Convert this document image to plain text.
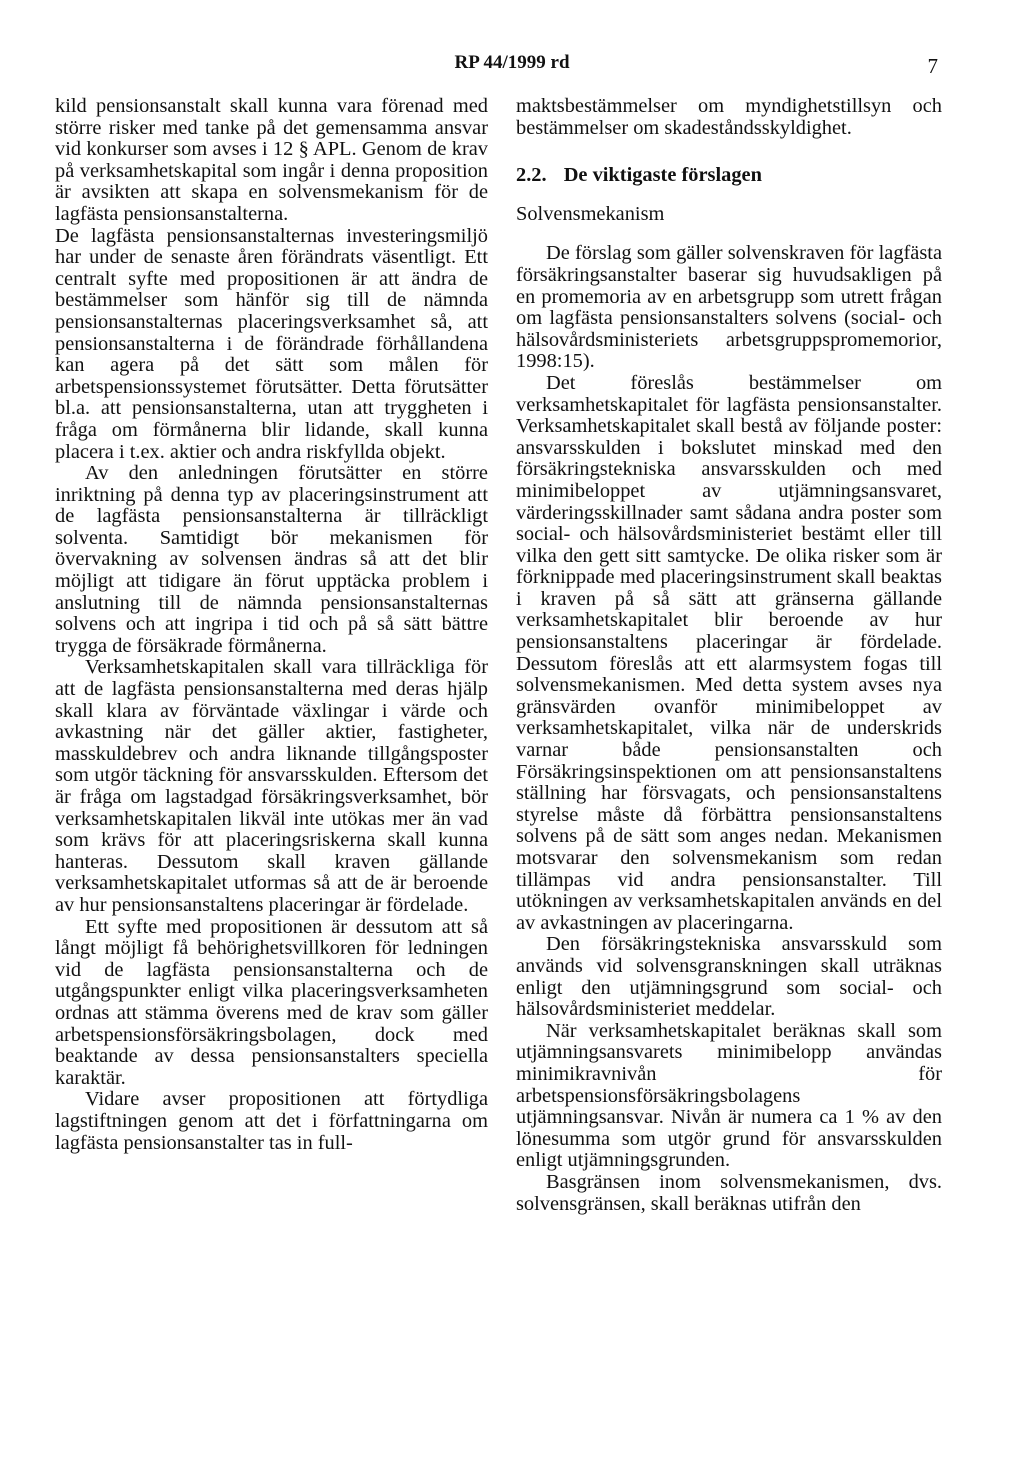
RP 44/1999 rd	7

kild pensionsanstalt skall kunna vara förenad med större risker med tanke på det gemensamma ansvar vid konkurser som avses i 12 § APL. Genom de krav på verksamhetskapital som ingår i denna proposition är avsikten att skapa en solvensmekanism för de lagfästa pensionsanstalterna.

De lagfästa pensionsanstalternas investeringsmiljö har under de senaste åren förändrats väsentligt. Ett centralt syfte med propositionen är att ändra de bestämmelser som hänför sig till de nämnda pensionsanstalternas placeringsverksamhet så, att pensionsanstalterna i de förändrade förhållandena kan agera på det sätt som målen för arbetspensionssystemet förutsätter. Detta förutsätter bl.a. att pensionsanstalterna, utan att tryggheten i fråga om förmånerna blir lidande, skall kunna placera i t.ex. aktier och andra riskfyllda objekt.

Av den anledningen förutsätter en större inriktning på denna typ av placeringsinstrument att de lagfästa pensionsanstalterna är tillräckligt solventa. Samtidigt bör mekanismen för övervakning av solvensen ändras så att det blir möjligt att tidigare än förut upptäcka problem i anslutning till de nämnda pensionsanstalternas solvens och att ingripa i tid och på så sätt bättre trygga de försäkrade förmånerna.

Verksamhetskapitalen skall vara tillräckliga för att de lagfästa pensionsanstalterna med deras hjälp skall klara av förväntade växlingar i värde och avkastning när det gäller aktier, fastigheter, masskuldebrev och andra liknande tillgångsposter som utgör täckning för ansvarsskulden. Eftersom det är fråga om lagstadgad försäkringsverksamhet, bör verksamhetskapitalen likväl inte utökas mer än vad som krävs för att placeringsriskerna skall kunna hanteras. Dessutom skall kraven gällande verksamhetskapitalet utformas så att de är beroende av hur pensionsanstaltens placeringar är fördelade.

Ett syfte med propositionen är dessutom att så långt möjligt få behörighetsvillkoren för ledningen vid de lagfästa pensionsanstalterna och de utgångspunkter enligt vilka placeringsverksamheten ordnas att stämma överens med de krav som gäller arbetspensionsförsäkringsbolagen, dock med beaktande av dessa pensionsanstalters speciella karaktär.

Vidare avser propositionen att förtydliga lagstiftningen genom att det i författningarna om lagfästa pensionsanstalter tas in full-

maktsbestämmelser om myndighetstillsyn och bestämmelser om skadeståndsskyldighet.

2.2. De viktigaste förslagen
Solvensmekanism

De förslag som gäller solvenskraven för lagfästa försäkringsanstalter baserar sig huvudsakligen på en promemoria av en arbetsgrupp som utrett frågan om lagfästa pensionsanstalters solvens (social- och hälsovårdsministeriets arbetsgruppspromemorior, 1998:15).

Det föreslås bestämmelser om verksamhetskapitalet för lagfästa pensionsanstalter. Verksamhetskapitalet skall bestå av följande poster: ansvarsskulden i bokslutet minskad med den försäkringstekniska ansvarsskulden och med minimibeloppet av utjämningsansvaret, värderingsskillnader samt sådana andra poster som social- och hälsovårdsministeriet bestämt eller till vilka den gett sitt samtycke. De olika risker som är förknippade med placeringsinstrument skall beaktas i kraven på så sätt att gränserna gällande verksamhetskapitalet blir beroende av hur pensionsanstaltens placeringar är fördelade. Dessutom föreslås att ett alarmsystem fogas till solvensmekanismen. Med detta system avses nya gränsvärden ovanför minimibeloppet av verksamhetskapitalet, vilka när de underskrids varnar både pensionsanstalten och Försäkringsinspektionen om att pensionsanstaltens ställning har försvagats, och pensionsanstaltens styrelse måste då förbättra pensionsanstaltens solvens på de sätt som anges nedan. Mekanismen motsvarar den solvensmekanism som redan tillämpas vid andra pensionsanstalter. Till utökningen av verksamhetskapitalen används en del av avkastningen av placeringarna.

Den försäkringstekniska ansvarsskuld som används vid solvensgranskningen skall uträknas enligt den utjämningsgrund som social- och hälsovårdsministeriet meddelar.

När verksamhetskapitalet beräknas skall som utjämningsansvarets minimibelopp användas minimikravnivån för arbetspensionsförsäkringsbolagens utjämningsansvar. Nivån är numera ca 1 % av den lönesumma som utgör grund för ansvarsskulden enligt utjämningsgrunden.

Basgränsen inom solvensmekanismen, dvs. solvensgränsen, skall beräknas utifrån den
